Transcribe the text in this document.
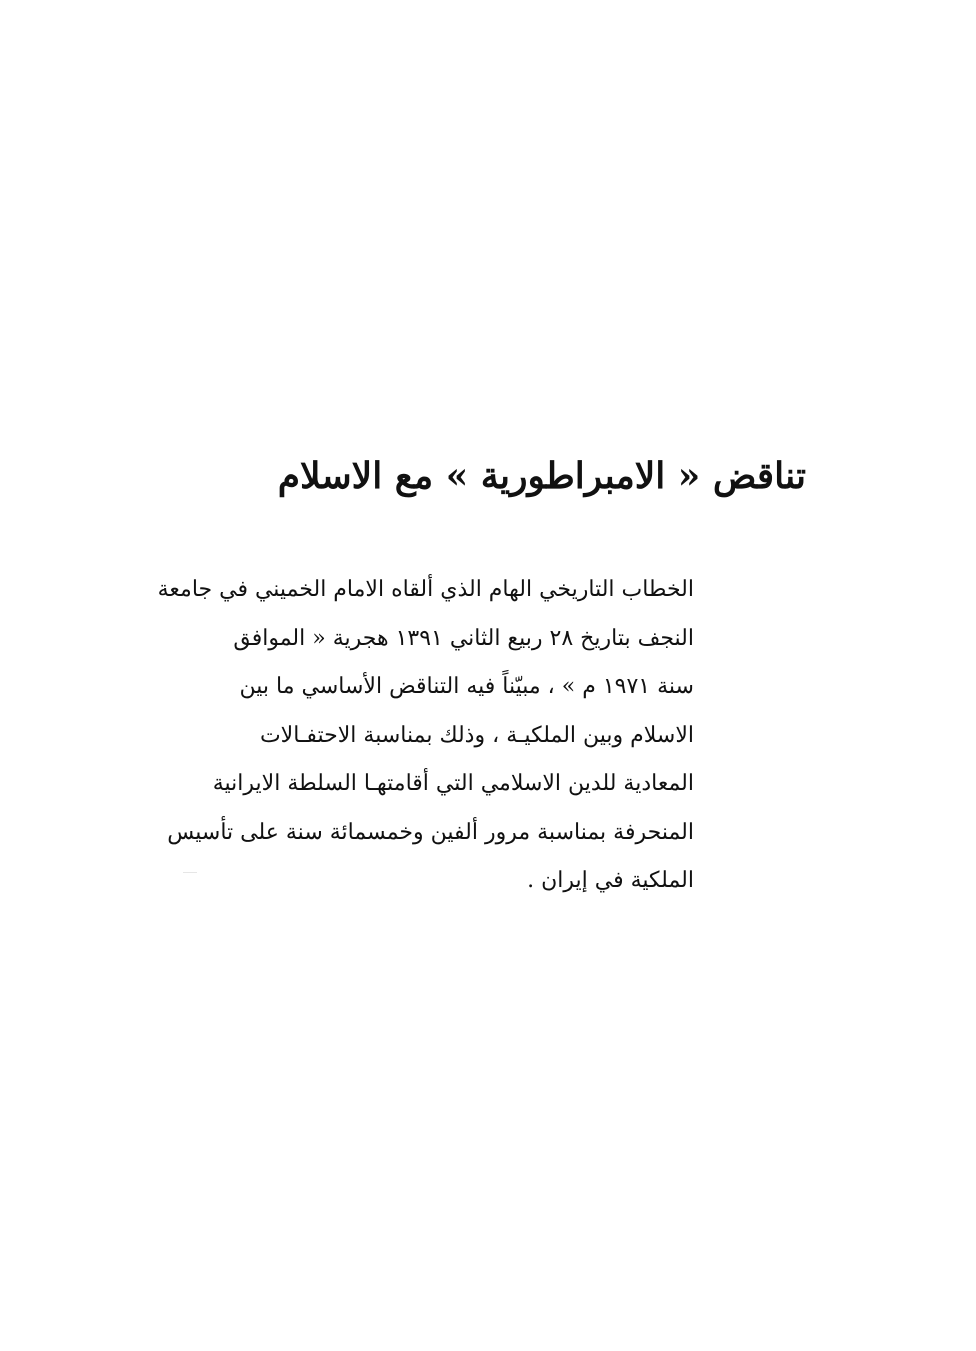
تناقض « الامبراطورية » مع الاسلام
الخطاب التاريخي الهام الذي ألقاه الامام الخميني في جامعة
النجف بتاريخ ٢٨ ربيع الثاني ١٣٩١ هجرية « الموافق
سنة ١٩٧١ م » ، مبيّناً فيه التناقض الأساسي ما بين
الاسلام وبين الملكيـة ، وذلك بمناسبة الاحتفـالات
المعادية للدين الاسلامي التي أقامتهـا السلطة الايرانية
المنحرفة بمناسبة مرور ألفين وخمسمائة سنة على تأسيس
الملكية في إيران .
